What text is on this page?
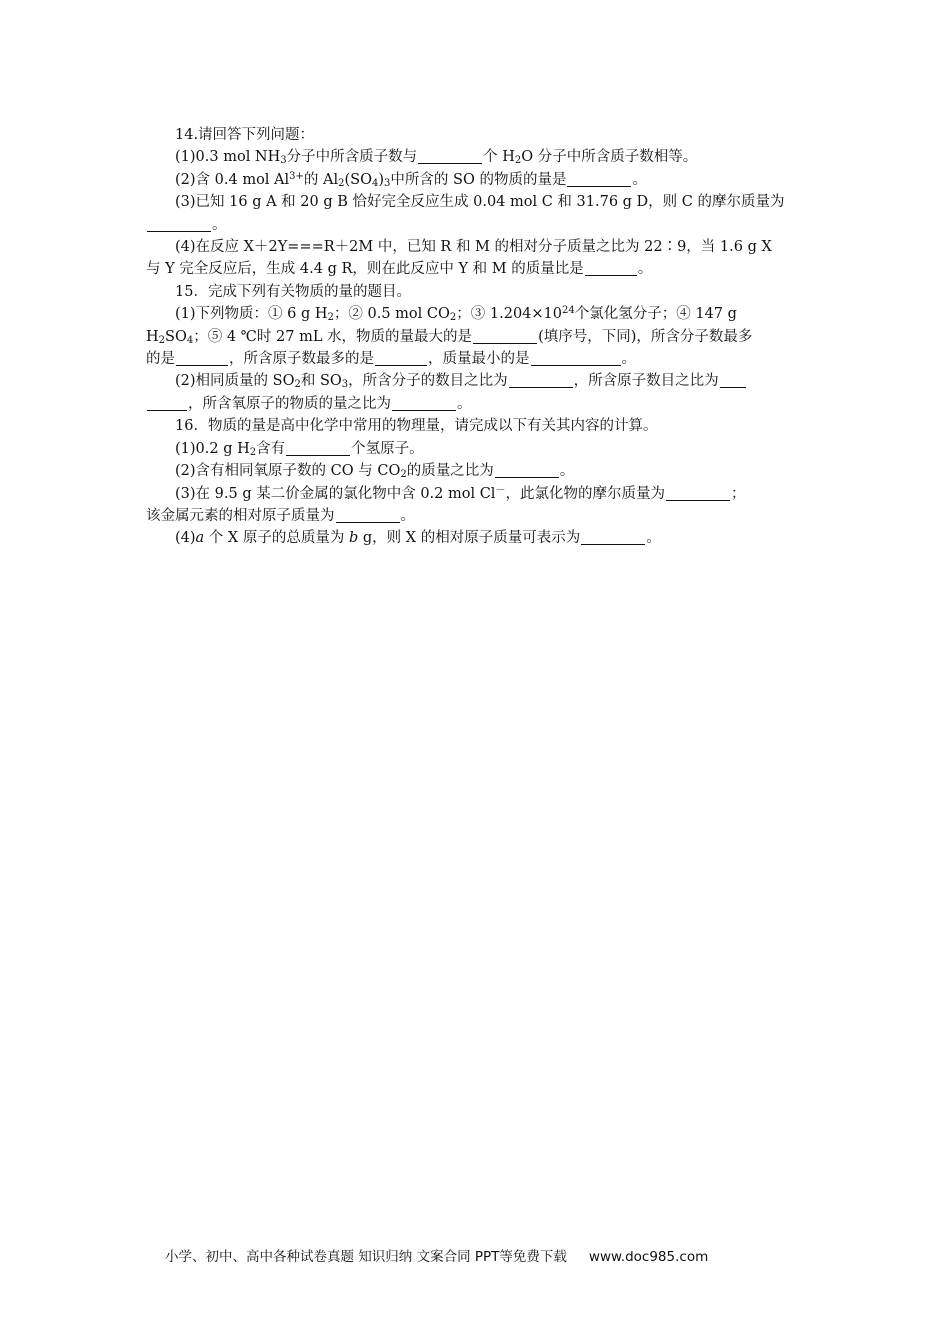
14.请回答下列问题：
(1)0.3 mol $NH_3$分子中所含质子数与	个 $H_2O$ 分子中所含质子数相等。
(2)含 0.4 mol $Al^{3+}$的 $Al_2(SO_4)_3$中所含的 SO 的物质的量是	。
(3)已知 16 g A 和 20 g B 恰好完全反应生成 0.04 mol C 和 31.76 g D，则 C 的摩尔质量为
。
(4)在反应 X＋2Y===R＋2M 中，已知 R 和 M 的相对分子质量之比为 22∶9，当 1.6 g X
与 Y 完全反应后，生成 4.4 g R，则在此反应中 Y 和 M 的质量比是	。
15．完成下列有关物质的量的题目。
(1)下列物质：① 6 g $H_2$；② 0.5 mol $CO_2$；③ $1.204\times 10^{24}$个氯化氢分子；④ 147 g
$H_2SO_4$；⑤ 4 ℃时 27 mL 水，物质的量最大的是	(填序号，下同)，所含分子数最多
的是	，所含原子数最多的是	，质量最小的是	。
(2)相同质量的 $SO_2$和 $SO_3$，所含分子的数目之比为	，所含原子数目之比为
，所含氧原子的物质的量之比为	。
16．物质的量是高中化学中常用的物理量，请完成以下有关其内容的计算。
(1)0.2 g $H_2$含有	个氢原子。
(2)含有相同氧原子数的 CO 与 $CO_2$的质量之比为	。
(3)在 9.5 g 某二价金属的氯化物中含 0.2 mol Cl－，此氯化物的摩尔质量为	；
该金属元素的相对原子质量为	。
(4)a 个 X 原子的总质量为 b g，则 X 的相对原子质量可表示为	。
小学、初中、高中各种试卷真题 知识归纳 文案合同 PPT等免费下载 www.doc985.com
